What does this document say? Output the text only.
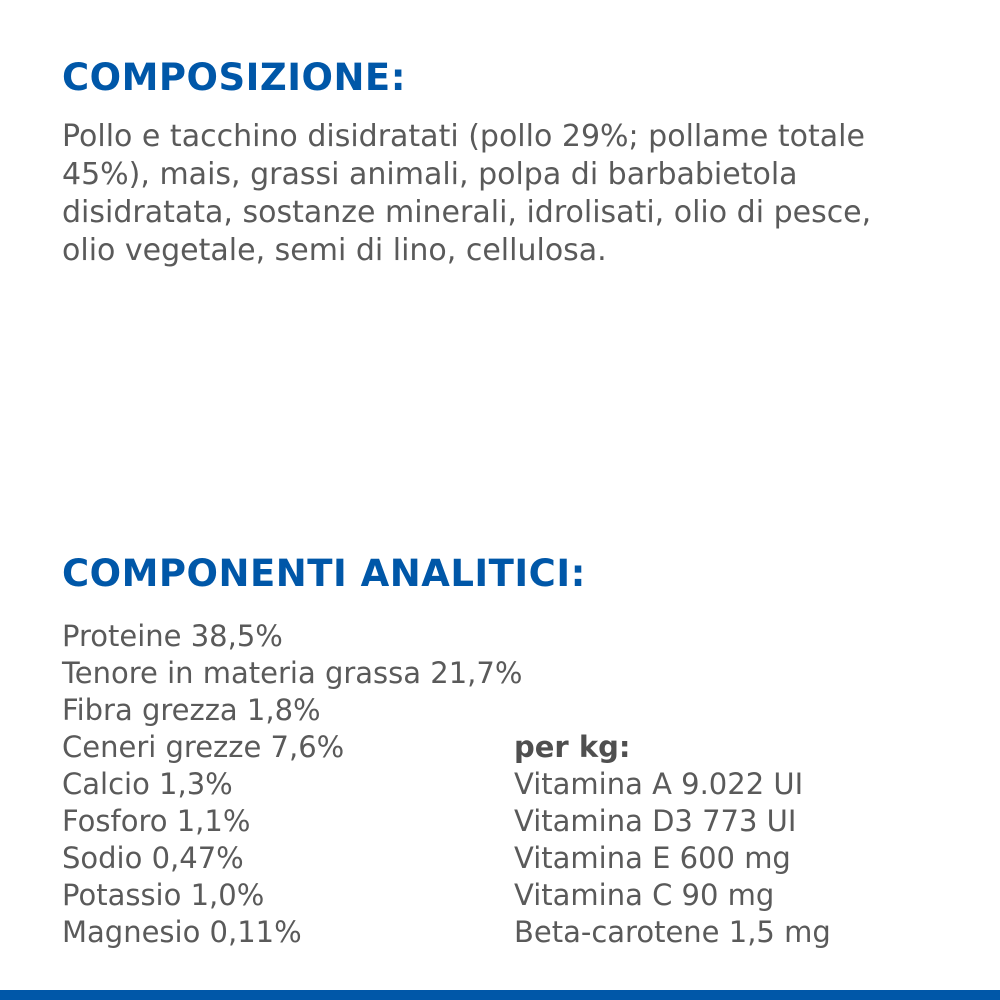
COMPOSIZIONE:
Pollo e tacchino disidratati (pollo 29%; pollame totale 45%), mais, grassi animali, polpa di barbabietola disidratata, sostanze minerali, idrolisati, olio di pesce, olio vegetale, semi di lino, cellulosa.
COMPONENTI ANALITICI:
Proteine 38,5%
Tenore in materia grassa 21,7%
Fibra grezza 1,8%
Ceneri grezze 7,6%
Calcio 1,3%
Fosforo 1,1%
Sodio 0,47%
Potassio 1,0%
Magnesio 0,11%
per kg:
Vitamina A 9.022 UI
Vitamina D3 773 UI
Vitamina E 600 mg
Vitamina C 90 mg
Beta-carotene 1,5 mg
